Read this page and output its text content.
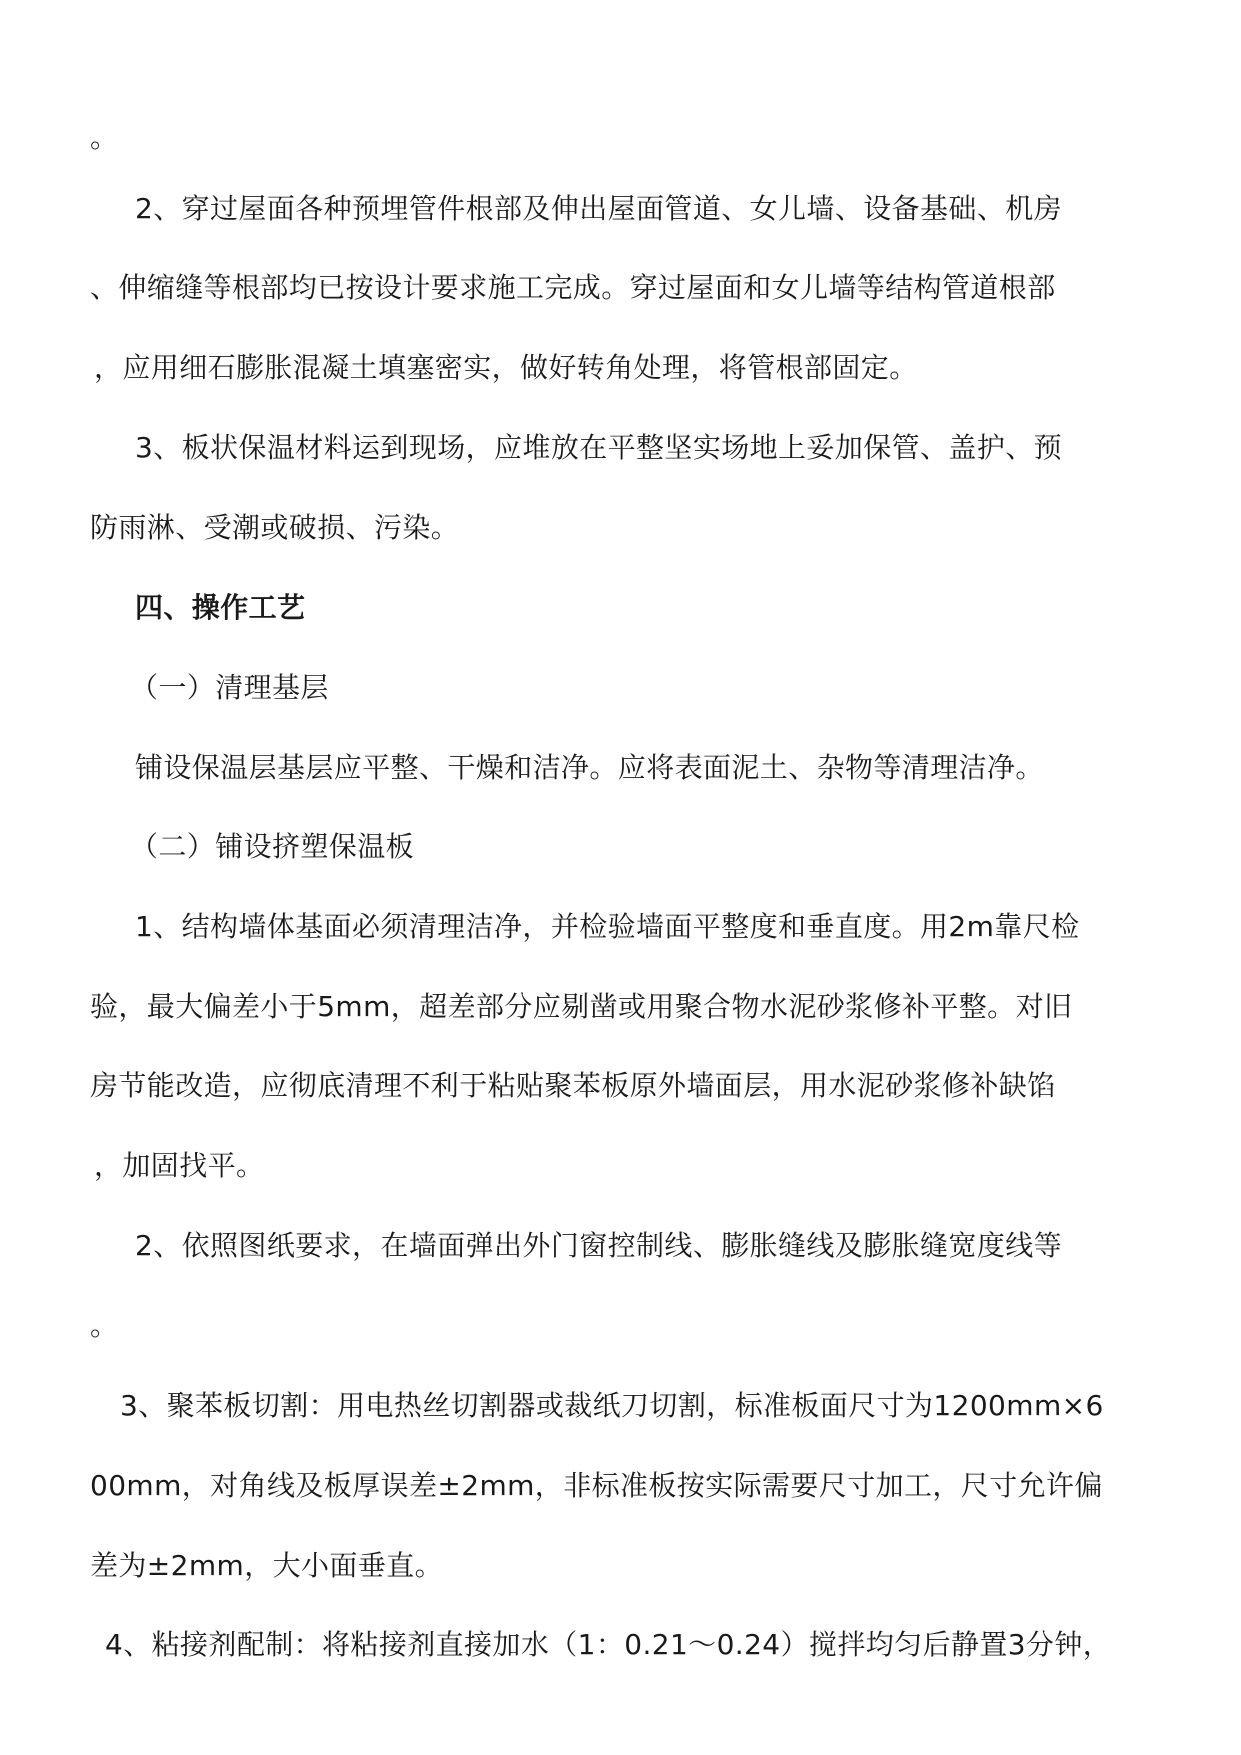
。
2、穿过屋面各种预埋管件根部及伸出屋面管道、女儿墙、设备基础、机房
、伸缩缝等根部均已按设计要求施工完成。穿过屋面和女儿墙等结构管道根部
，应用细石膨胀混凝土填塞密实，做好转角处理，将管根部固定。
3、板状保温材料运到现场，应堆放在平整坚实场地上妥加保管、盖护、预
防雨淋、受潮或破损、污染。
四、操作工艺
（一）清理基层
铺设保温层基层应平整、干燥和洁净。应将表面泥土、杂物等清理洁净。
（二）铺设挤塑保温板
1、结构墙体基面必须清理洁净，并检验墙面平整度和垂直度。用2m靠尺检
验，最大偏差小于5mm，超差部分应剔凿或用聚合物水泥砂浆修补平整。对旧
房节能改造，应彻底清理不利于粘贴聚苯板原外墙面层，用水泥砂浆修补缺馅
，加固找平。
2、依照图纸要求，在墙面弹出外门窗控制线、膨胀缝线及膨胀缝宽度线等
。
3、聚苯板切割：用电热丝切割器或裁纸刀切割，标准板面尺寸为1200mm×6
00mm，对角线及板厚误差±2mm，非标准板按实际需要尺寸加工，尺寸允许偏
差为±2mm，大小面垂直。
4、粘接剂配制：将粘接剂直接加水（1：0.21～0.24）搅拌均匀后静置3分钟，
